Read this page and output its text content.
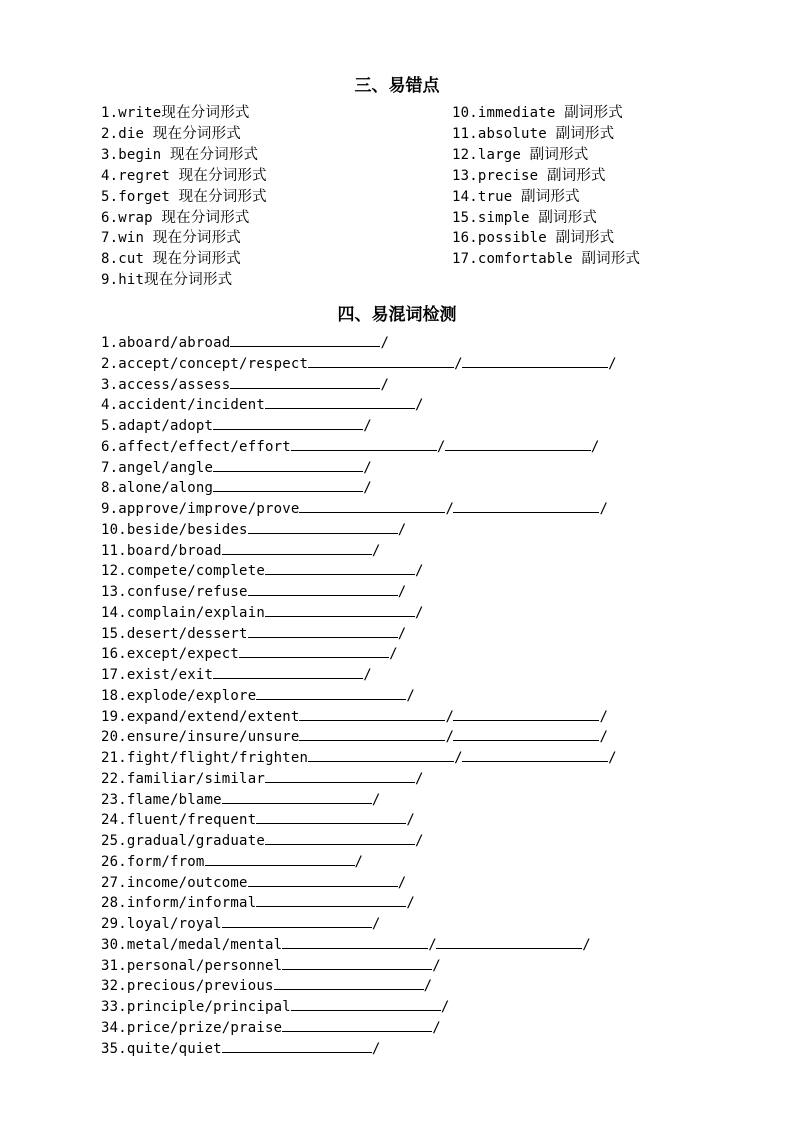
三、易错点
1.write现在分词形式
2.die 现在分词形式
3.begin 现在分词形式
4.regret 现在分词形式
5.forget 现在分词形式
6.wrap 现在分词形式
7.win 现在分词形式
8.cut 现在分词形式
9.hit现在分词形式
10.immediate 副词形式
11.absolute 副词形式
12.large 副词形式
13.precise 副词形式
14.true 副词形式
15.simple 副词形式
16.possible 副词形式
17.comfortable 副词形式
四、易混词检测
1.aboard/abroad	/
2.accept/concept/respect	/	/
3.access/assess	/
4.accident/incident	/
5.adapt/adopt	/
6.affect/effect/effort	/	/
7.angel/angle	/
8.alone/along	/
9.approve/improve/prove	/	/
10.beside/besides	/
11.board/broad	/
12.compete/complete	/
13.confuse/refuse	/
14.complain/explain	/
15.desert/dessert	/
16.except/expect	/
17.exist/exit	/
18.explode/explore	/
19.expand/extend/extent	/	/
20.ensure/insure/unsure	/	/
21.fight/flight/frighten	/	/
22.familiar/similar	/
23.flame/blame	/
24.fluent/frequent	/
25.gradual/graduate	/
26.form/from	/
27.income/outcome	/
28.inform/informal	/
29.loyal/royal	/
30.metal/medal/mental	/	/
31.personal/personnel	/
32.precious/previous	/
33.principle/principal	/
34.price/prize/praise	/
35.quite/quiet	/
